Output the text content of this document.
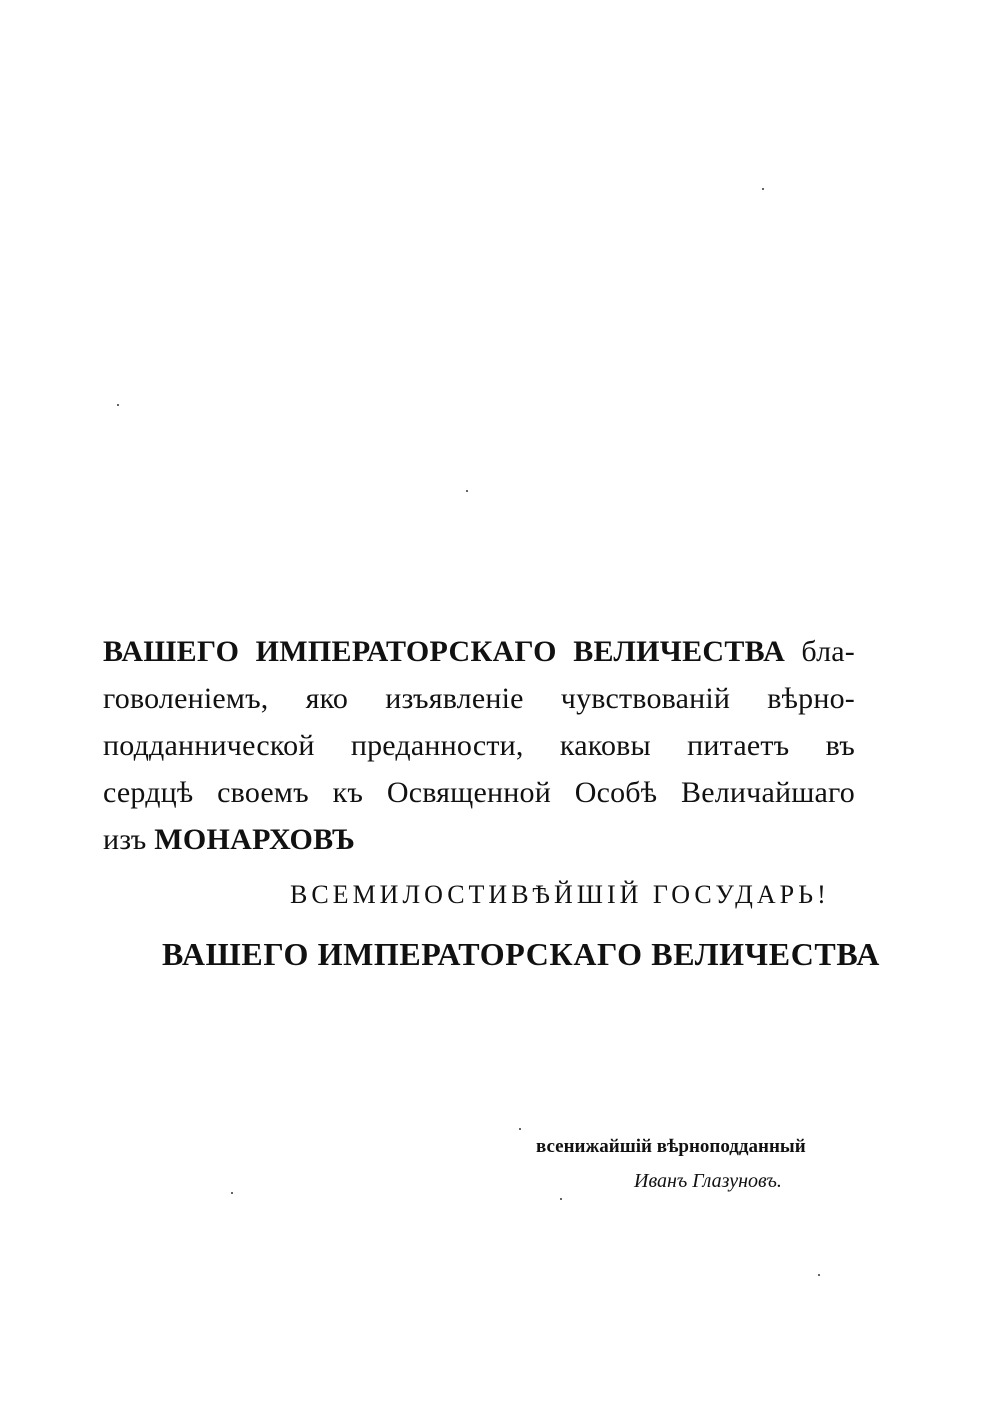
ВАШЕГО ИМПЕРАТОРСКАГО ВЕЛИЧЕСТВА бла-
говоленіемъ, яко изъявленіе чувствованій вѣрно-
подданнической преданности, каковы питаетъ въ
сердцѣ своемъ къ Освященной Особѣ Величайшаго
изъ МОНАРХОВЪ
ВСЕМИЛОСТИВѢЙШІЙ ГОСУДАРЬ!
ВАШЕГО ИМПЕРАТОРСКАГО ВЕЛИЧЕСТВА
всенижайшій вѣрноподданный
Иванъ Глазуновъ.
